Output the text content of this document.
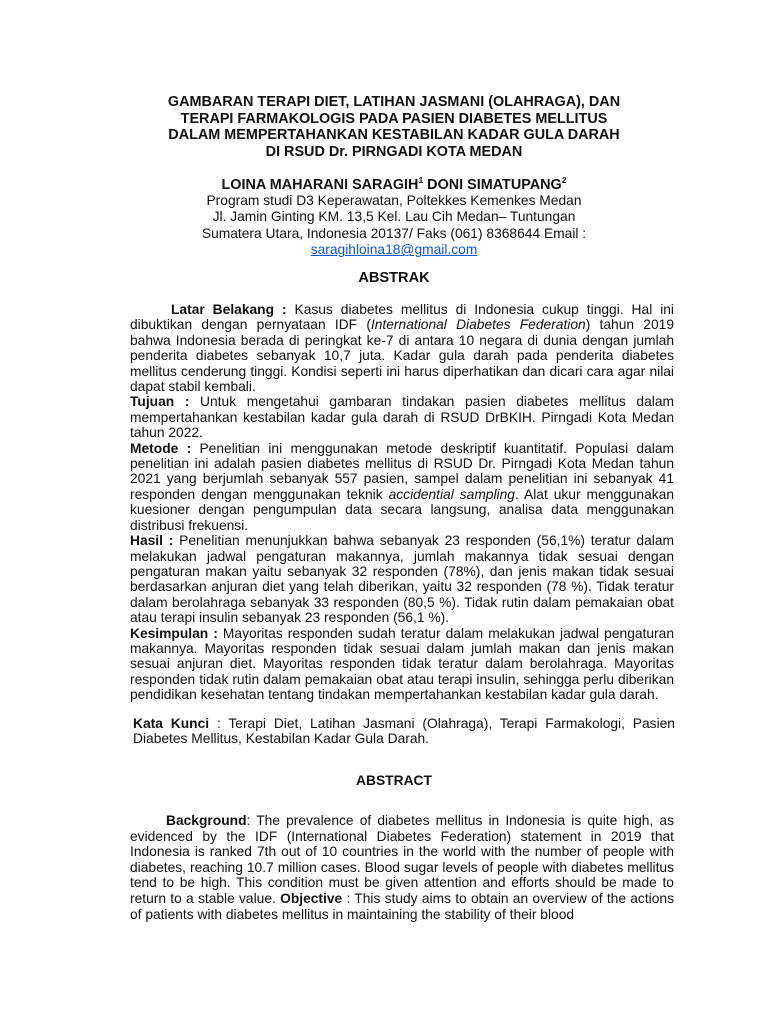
GAMBARAN TERAPI DIET, LATIHAN JASMANI (OLAHRAGA), DAN
TERAPI FARMAKOLOGIS PADA PASIEN DIABETES MELLITUS
DALAM MEMPERTAHANKAN KESTABILAN KADAR GULA DARAH
DI RSUD Dr. PIRNGADI KOTA MEDAN
LOINA MAHARANI SARAGIH$^1$ DONI SIMATUPANG$^2$
Program studi D3 Keperawatan, Poltekkes Kemenkes Medan
Jl. Jamin Ginting KM. 13,5 Kel. Lau Cih Medan– Tuntungan
Sumatera Utara, Indonesia 20137/ Faks (061) 8368644 Email :
saragihloina18@gmail.com
ABSTRAK

Latar Belakang : Kasus diabetes mellitus di Indonesia cukup tinggi. Hal ini dibuktikan dengan pernyataan IDF (International Diabetes Federation) tahun 2019 bahwa Indonesia berada di peringkat ke-7 di antara 10 negara di dunia dengan jumlah penderita diabetes sebanyak 10,7 juta. Kadar gula darah pada penderita diabetes mellitus cenderung tinggi. Kondisi seperti ini harus diperhatikan dan dicari cara agar nilai dapat stabil kembali.

Tujuan : Untuk mengetahui gambaran tindakan pasien diabetes mellitus dalam mempertahankan kestabilan kadar gula darah di RSUD DrBKIH. Pirngadi Kota Medan tahun 2022.

Metode : Penelitian ini menggunakan metode deskriptif kuantitatif. Populasi dalam penelitian ini adalah pasien diabetes mellitus di RSUD Dr. Pirngadi Kota Medan tahun 2021 yang berjumlah sebanyak 557 pasien, sampel dalam penelitian ini sebanyak 41 responden dengan menggunakan teknik accidential sampling. Alat ukur menggunakan kuesioner dengan pengumpulan data secara langsung, analisa data menggunakan distribusi frekuensi.

Hasil : Penelitian menunjukkan bahwa sebanyak 23 responden (56,1%) teratur dalam melakukan jadwal pengaturan makannya, jumlah makannya tidak sesuai dengan pengaturan makan yaitu sebanyak 32 responden (78%), dan jenis makan tidak sesuai berdasarkan anjuran diet yang telah diberikan, yaitu 32 responden (78 %). Tidak teratur dalam berolahraga sebanyak 33 responden (80,5 %). Tidak rutin dalam pemakaian obat atau terapi insulin sebanyak 23 responden (56,1 %).

Kesimpulan : Mayoritas responden sudah teratur dalam melakukan jadwal pengaturan makannya. Mayoritas responden tidak sesuai dalam jumlah makan dan jenis makan sesuai anjuran diet. Mayoritas responden tidak teratur dalam berolahraga. Mayoritas responden tidak rutin dalam pemakaian obat atau terapi insulin, sehingga perlu diberikan pendidikan kesehatan tentang tindakan mempertahankan kestabilan kadar gula darah.

Kata Kunci : Terapi Diet, Latihan Jasmani (Olahraga), Terapi Farmakologi, Pasien Diabetes Mellitus, Kestabilan Kadar Gula Darah.
ABSTRACT

Background: The prevalence of diabetes mellitus in Indonesia is quite high, as evidenced by the IDF (International Diabetes Federation) statement in 2019 that Indonesia is ranked 7th out of 10 countries in the world with the number of people with diabetes, reaching 10.7 million cases. Blood sugar levels of people with diabetes mellitus tend to be high. This condition must be given attention and efforts should be made to return to a stable value. Objective : This study aims to obtain an overview of the actions of patients with diabetes mellitus in maintaining the stability of their blood
